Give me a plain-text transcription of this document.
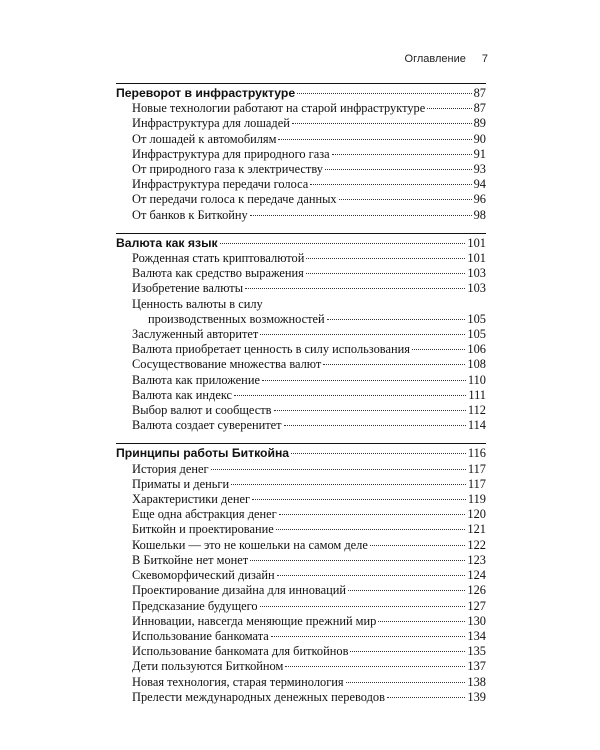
Оглавление 7
Переворот в инфраструктуре	87
Новые технологии работают на старой инфраструктуре	87
Инфраструктура для лошадей	89
От лошадей к автомобилям	90
Инфраструктура для природного газа	91
От природного газа к электричеству	93
Инфраструктура передачи голоса	94
От передачи голоса к передаче данных	96
От банков к Биткойну	98
Валюта как язык	101
Рожденная стать криптовалютой	101
Валюта как средство выражения	103
Изобретение валюты	103
Ценность валюты в силу
производственных возможностей	105
Заслуженный авторитет	105
Валюта приобретает ценность в силу использования	106
Сосуществование множества валют	108
Валюта как приложение	110
Валюта как индекс	111
Выбор валют и сообществ	112
Валюта создает суверенитет	114
Принципы работы Биткойна	116
История денег	117
Приматы и деньги	117
Характеристики денег	119
Еще одна абстракция денег	120
Биткойн и проектирование	121
Кошельки — это не кошельки на самом деле	122
В Биткойне нет монет	123
Скевоморфический дизайн	124
Проектирование дизайна для инноваций	126
Предсказание будущего	127
Инновации, навсегда меняющие прежний мир	130
Использование банкомата	134
Использование банкомата для биткойнов	135
Дети пользуются Биткойном	137
Новая технология, старая терминология	138
Прелести международных денежных переводов	139
